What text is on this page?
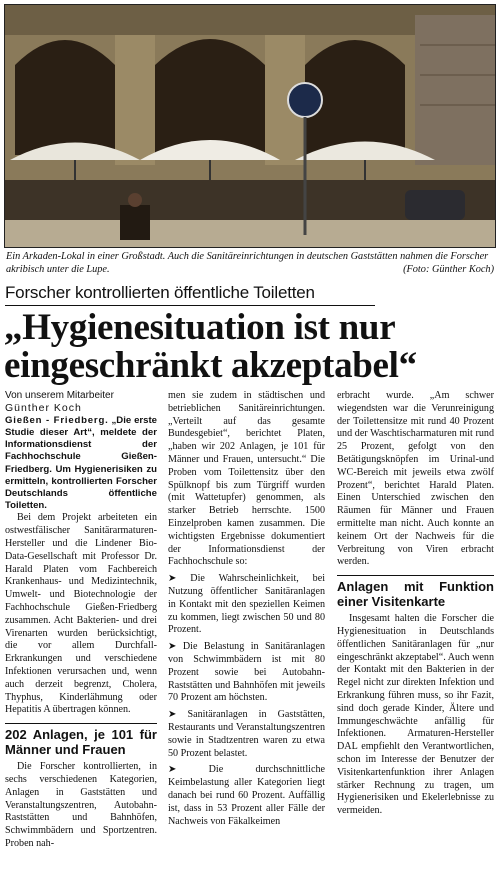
Ein Arkaden-Lokal in einer Großstadt. Auch die Sanitäreinrichtungen in deutschen Gaststätten nahmen die Forscher akribisch unter die Lupe.	(Foto: Günther Koch)
Forscher kontrollierten öffentliche Toiletten
„Hygienesituation ist nur eingeschränkt akzeptabel“
Von unserem Mitarbeiter
Günther Koch
Gießen - Friedberg. „Die erste Studie dieser Art“, meldete der Informationsdienst der Fachhochschule Gießen-Friedberg. Um Hygienerisiken zu ermitteln, kontrollierten Forscher Deutschlands öffentliche Toiletten.

Bei dem Projekt arbeiteten ein ostwestfälischer Sanitärarmaturen-Hersteller und die Lindener Bio-Data-Gesellschaft mit Professor Dr. Harald Platen vom Fachbereich Krankenhaus- und Medizintechnik, Umwelt- und Biotechnologie der Fachhochschule Gießen-Friedberg zusammen. Acht Bakterien- und drei Virenarten wurden berücksichtigt, die vor allem Durchfall-Erkrankungen und verschiedene Infektionen verursachen und, wenn auch derzeit begrenzt, Cholera, Thyphus, Kinderlähmung oder Hepatitis A übertragen können.

202 Anlagen, je 101 für Männer und Frauen

Die Forscher kontrollierten, in sechs verschiedenen Kategorien, Anlagen in Gaststätten und Veranstaltungszentren, Autobahn-Raststätten und Bahnhöfen, Schwimmbädern und Sportzentren. Proben nah-

men sie zudem in städtischen und betrieblichen Sanitäreinrichtungen. „Verteilt auf das gesamte Bundesgebiet“, berichtet Platen, „haben wir 202 Anlagen, je 101 für Männer und Frauen, untersucht.“ Die Proben vom Toilettensitz über den Spülknopf bis zum Türgriff wurden (mit Wattetupfer) genommen, als starker Betrieb herrschte. 1500 Einzelproben kamen zusammen. Die wichtigsten Ergebnisse dokumentiert der Informationsdienst der Fachhochschule so:

➤ Die Wahrscheinlichkeit, bei Nutzung öffentlicher Sanitäranlagen in Kontakt mit den speziellen Keimen zu kommen, liegt zwischen 50 und 80 Prozent.

➤ Die Belastung in Sanitäranlagen von Schwimmbädern ist mit 80 Prozent sowie bei Autobahn-Raststätten und Bahnhöfen mit jeweils 70 Prozent am höchsten.

➤ Sanitäranlagen in Gaststätten, Restaurants und Veranstaltungszentren sowie in Stadtzentren waren zu etwa 50 Prozent belastet.

➤	Die durchschnittliche Keimbelastung aller Kategorien liegt danach bei rund 60 Prozent. Auffällig ist, dass in 53 Prozent aller Fälle der Nachweis von Fäkalkeimen

erbracht wurde. „Am schwer wiegendsten war die Verunreinigung der Toilettensitze mit rund 40 Prozent und der Waschtischarmaturen mit rund 25 Prozent, gefolgt von den Betätigungsknöpfen im Urinal-und WC-Bereich mit jeweils etwa zwölf Prozent“, berichtet Harald Platen. Einen Unterschied zwischen den Räumen für Männer und Frauen ermittelte man nicht. Auch konnte an keinem Ort der Nachweis für die Verbreitung von Viren erbracht werden.

Anlagen mit Funktion einer Visitenkarte

Insgesamt halten die Forscher die Hygienesituation in Deutschlands öffentlichen Sanitäranlagen für „nur eingeschränkt akzeptabel“. Auch wenn der Kontakt mit den Bakterien in der Regel nicht zur direkten Infektion und Erkrankung führen muss, so ihr Fazit, sind doch gerade Kinder, Ältere und Immungeschwächte anfällig für Infektionen. Armaturen-Hersteller DAL empfiehlt den Verantwortlichen, schon im Interesse der Benutzer der Visitenkartenfunktion ihrer Anlagen stärker Rechnung zu tragen, um Hygienerisiken und Ekelerlebnisse zu vermeiden.
